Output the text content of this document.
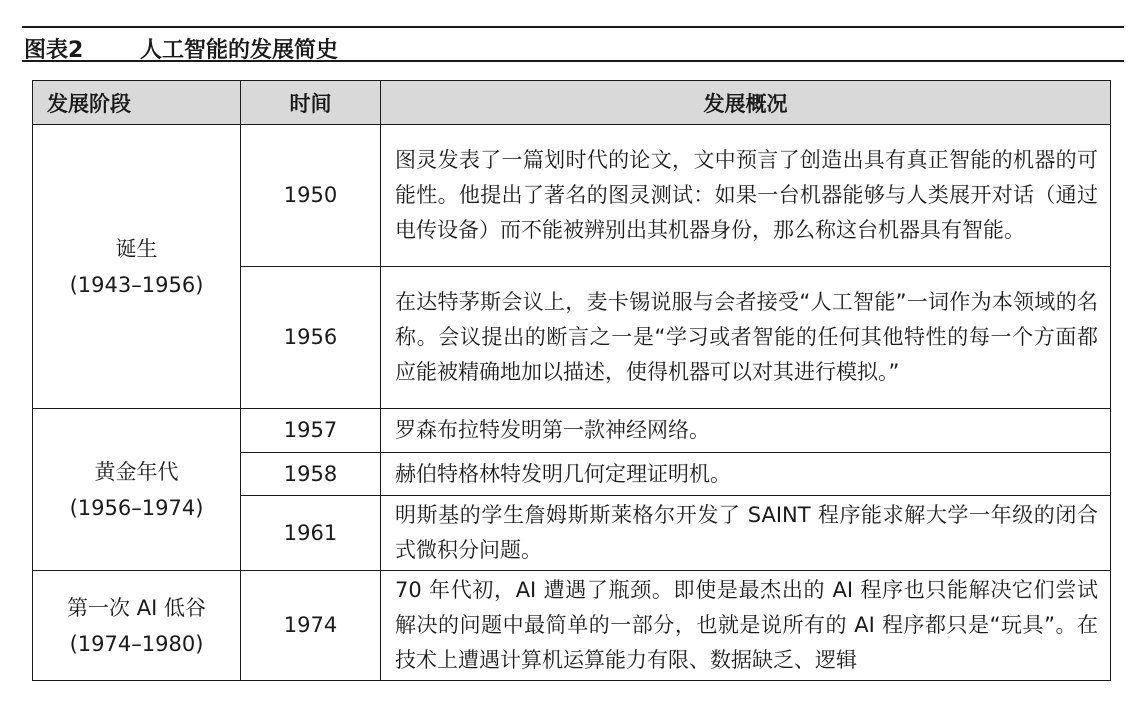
图表2	人工智能的发展简史
发展阶段	时间	发展概况

诞生
(1943–1956)	1950	图灵发表了一篇划时代的论文，文中预言了创造出具有真正智能的机器的可能性。他提出了著名的图灵测试：如果一台机器能够与人类展开对话（通过电传设备）而不能被辨别出其机器身份，那么称这台机器具有智能。
	1956	在达特茅斯会议上，麦卡锡说服与会者接受“人工智能”一词作为本领域的名称。会议提出的断言之一是“学习或者智能的任何其他特性的每一个方面都应能被精确地加以描述，使得机器可以对其进行模拟。”

黄金年代
(1956–1974)	1957	罗森布拉特发明第一款神经网络。
	1958	赫伯特格林特发明几何定理证明机。
	1961	明斯基的学生詹姆斯斯莱格尔开发了 SAINT 程序能求解大学一年级的闭合式微积分问题。

第一次 AI 低谷
(1974–1980)	1974	70 年代初，AI 遭遇了瓶颈。即使是最杰出的 AI 程序也只能解决它们尝试解决的问题中最简单的一部分，也就是说所有的 AI 程序都只是“玩具”。在技术上遭遇计算机运算能力有限、数据缺乏、逻辑
